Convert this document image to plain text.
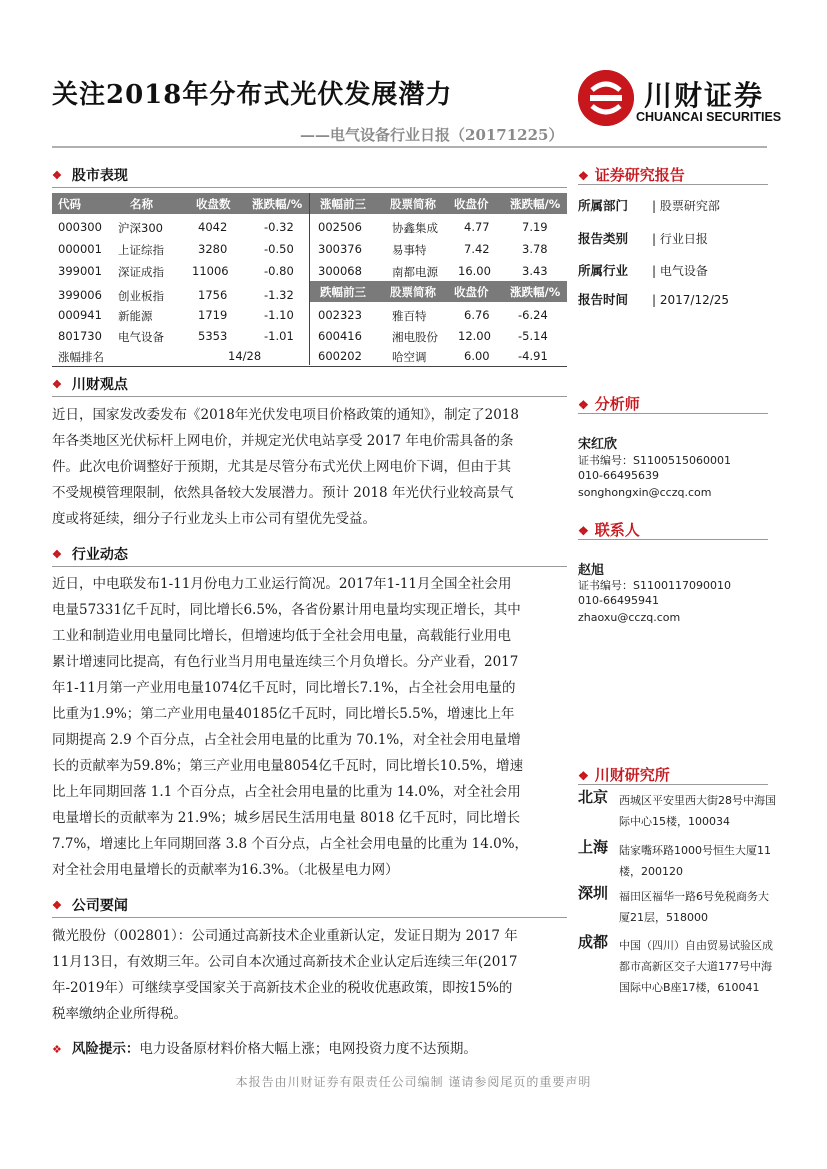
关注2018年分布式光伏发展潜力
——电气设备行业日报（20171225）
川财证券
CHUANCAI SECURITIES
❖ 股市表现
代码	名称	收盘数 涨跌幅/% 涨幅前三 股票简称 收盘价 涨跌幅/%
000300 沪深300	4042	-0.32 002506	协鑫集成 4.77	7.19
000001 上证综指	3280	-0.50 300376	易事特	7.42	3.78
399001 深证成指 11006	-0.80 300068	南都电源 16.00	3.43
399006 创业板指	1756	-1.32 跌幅前三 股票简称 收盘价 涨跌幅/%
000941 新能源	1719	-1.10 002323	雅百特	6.76 -6.24
801730 电气设备	5353	-1.01 600416	湘电股份 12.00 -5.14
涨幅排名	14/28	600202	哈空调	6.00 -4.91
❖ 川财观点
近日，国家发改委发布《2018年光伏发电项目价格政策的通知》，制定了2018
年各类地区光伏标杆上网电价，并规定光伏电站享受 2017 年电价需具备的条
件。此次电价调整好于预期，尤其是尽管分布式光伏上网电价下调，但由于其
不受规模管理限制，依然具备较大发展潜力。预计 2018 年光伏行业较高景气
度或将延续，细分子行业龙头上市公司有望优先受益。
❖ 行业动态
近日，中电联发布1-11月份电力工业运行简况。2017年1-11月全国全社会用
电量57331亿千瓦时，同比增长6.5%，各省份累计用电量均实现正增长，其中
工业和制造业用电量同比增长，但增速均低于全社会用电量，高载能行业用电
累计增速同比提高，有色行业当月用电量连续三个月负增长。分产业看，2017
年1-11月第一产业用电量1074亿千瓦时，同比增长7.1%，占全社会用电量的
比重为1.9%；第二产业用电量40185亿千瓦时，同比增长5.5%，增速比上年
同期提高 2.9 个百分点，占全社会用电量的比重为 70.1%，对全社会用电量增
长的贡献率为59.8%；第三产业用电量8054亿千瓦时，同比增长10.5%，增速
比上年同期回落 1.1 个百分点，占全社会用电量的比重为 14.0%，对全社会用
电量增长的贡献率为 21.9%；城乡居民生活用电量 8018 亿千瓦时，同比增长
7.7%，增速比上年同期回落 3.8 个百分点，占全社会用电量的比重为 14.0%，
对全社会用电量增长的贡献率为16.3%。（北极星电力网）
❖ 公司要闻
微光股份（002801）：公司通过高新技术企业重新认定，发证日期为 2017 年
11月13日，有效期三年。公司自本次通过高新技术企业认定后连续三年(2017
年-2019年）可继续享受国家关于高新技术企业的税收优惠政策，即按15%的
税率缴纳企业所得税。
❖ 风险提示：电力设备原材料价格大幅上涨；电网投资力度不达预期。
❖ 证券研究报告
所属部门 | 股票研究部
报告类别 | 行业日报
所属行业 | 电气设备
报告时间 | 2017/12/25
❖ 分析师
宋红欣
证书编号：S1100515060001
010-66495639
songhongxin@cczq.com
❖ 联系人
赵旭
证书编号：S1100117090010
010-66495941
zhaoxu@cczq.com
❖ 川财研究所
北京 西城区平安里西大街28号中海国际中心15楼，100034
上海 陆家嘴环路1000号恒生大厦11楼，200120
深圳 福田区福华一路6号免税商务大厦21层，518000
成都 中国（四川）自由贸易试验区成都市高新区交子大道177号中海国际中心B座17楼，610041
本报告由川财证券有限责任公司编制 谨请参阅尾页的重要声明
